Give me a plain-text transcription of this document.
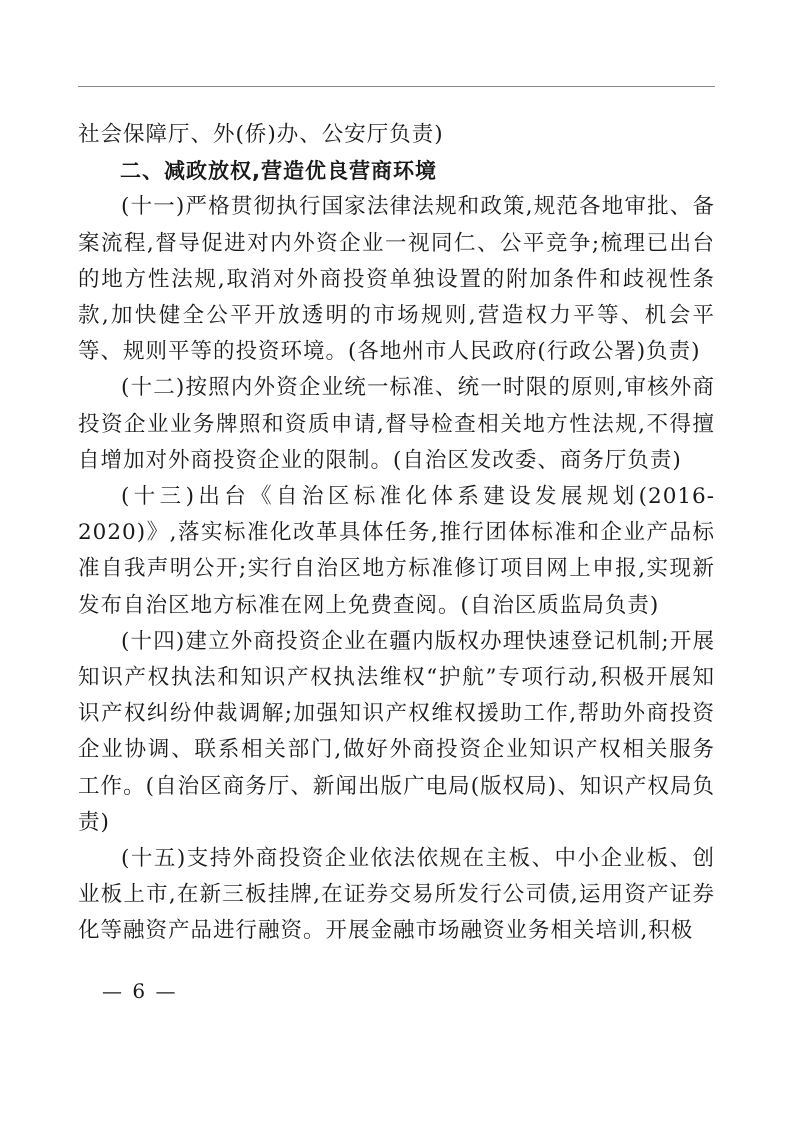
社会保障厅、外(侨)办、公安厅负责)

二、减政放权,营造优良营商环境

(十一)严格贯彻执行国家法律法规和政策,规范各地审批、备案流程,督导促进对内外资企业一视同仁、公平竞争;梳理已出台的地方性法规,取消对外商投资单独设置的附加条件和歧视性条款,加快健全公平开放透明的市场规则,营造权力平等、机会平等、规则平等的投资环境。(各地州市人民政府(行政公署)负责)

(十二)按照内外资企业统一标准、统一时限的原则,审核外商投资企业业务牌照和资质申请,督导检查相关地方性法规,不得擅自增加对外商投资企业的限制。(自治区发改委、商务厅负责)

(十三)出台《自治区标准化体系建设发展规划(2016-2020)》,落实标准化改革具体任务,推行团体标准和企业产品标准自我声明公开;实行自治区地方标准修订项目网上申报,实现新发布自治区地方标准在网上免费查阅。(自治区质监局负责)

(十四)建立外商投资企业在疆内版权办理快速登记机制;开展知识产权执法和知识产权执法维权“护航”专项行动,积极开展知识产权纠纷仲裁调解;加强知识产权维权援助工作,帮助外商投资企业协调、联系相关部门,做好外商投资企业知识产权相关服务工作。(自治区商务厅、新闻出版广电局(版权局)、知识产权局负责)

(十五)支持外商投资企业依法依规在主板、中小企业板、创业板上市,在新三板挂牌,在证券交易所发行公司债,运用资产证券化等融资产品进行融资。开展金融市场融资业务相关培训,积极

— 6 —
